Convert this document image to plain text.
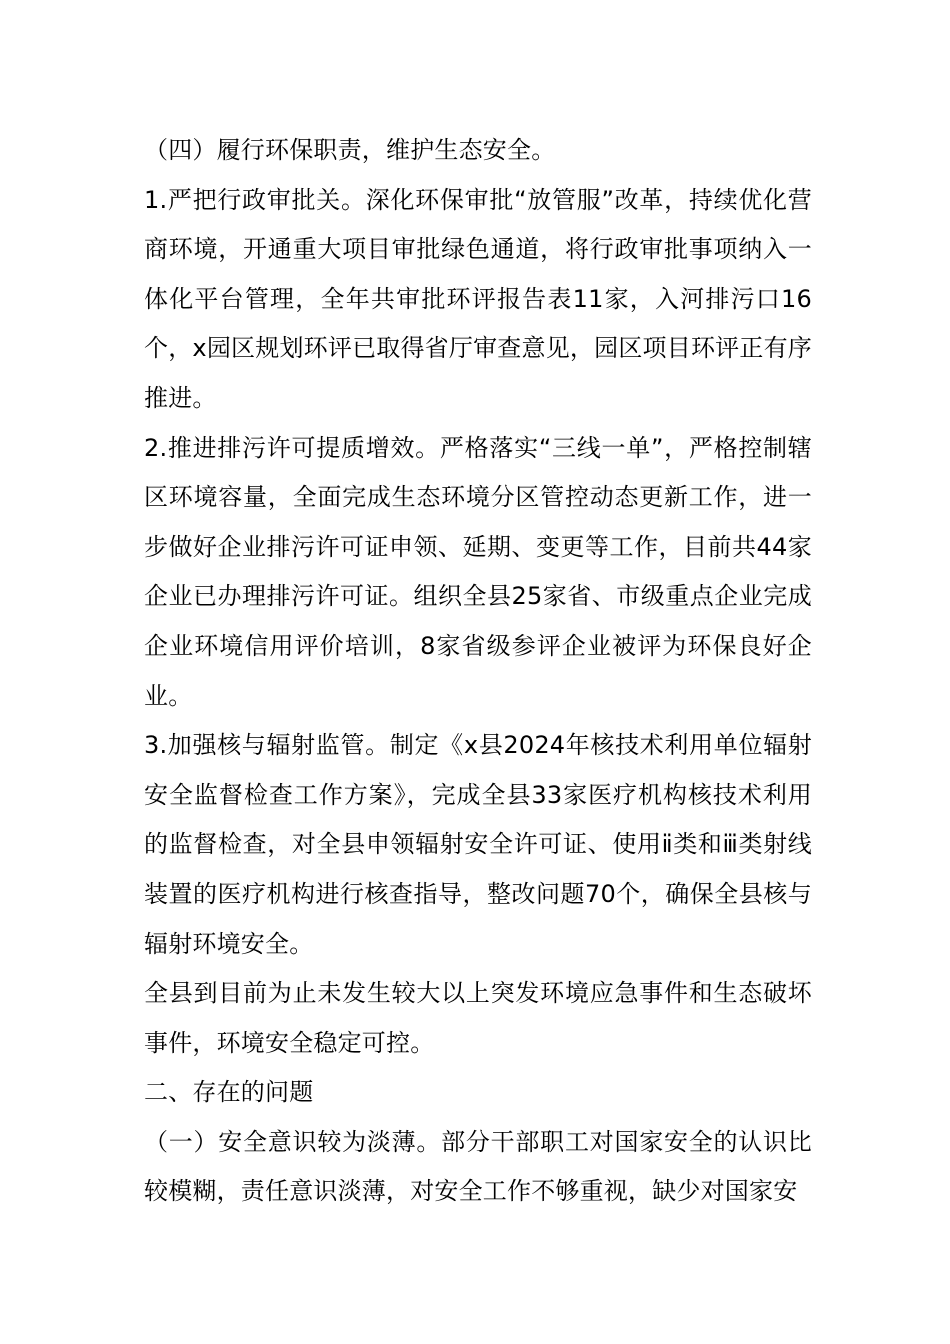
（四）履行环保职责，维护生态安全。

1.严把行政审批关。深化环保审批“放管服”改革，持续优化营商环境，开通重大项目审批绿色通道，将行政审批事项纳入一体化平台管理，全年共审批环评报告表11家，入河排污口16个，x园区规划环评已取得省厅审查意见，园区项目环评正有序推进。

2.推进排污许可提质增效。严格落实“三线一单”，严格控制辖区环境容量，全面完成生态环境分区管控动态更新工作，进一步做好企业排污许可证申领、延期、变更等工作，目前共44家企业已办理排污许可证。组织全县25家省、市级重点企业完成企业环境信用评价培训，8家省级参评企业被评为环保良好企业。

3.加强核与辐射监管。制定《x县2024年核技术利用单位辐射安全监督检查工作方案》，完成全县33家医疗机构核技术利用的监督检查，对全县申领辐射安全许可证、使用ⅱ类和ⅲ类射线装置的医疗机构进行核查指导，整改问题70个，确保全县核与辐射环境安全。

全县到目前为止未发生较大以上突发环境应急事件和生态破坏事件，环境安全稳定可控。

二、存在的问题

（一）安全意识较为淡薄。部分干部职工对国家安全的认识比较模糊，责任意识淡薄，对安全工作不够重视，缺少对国家安
